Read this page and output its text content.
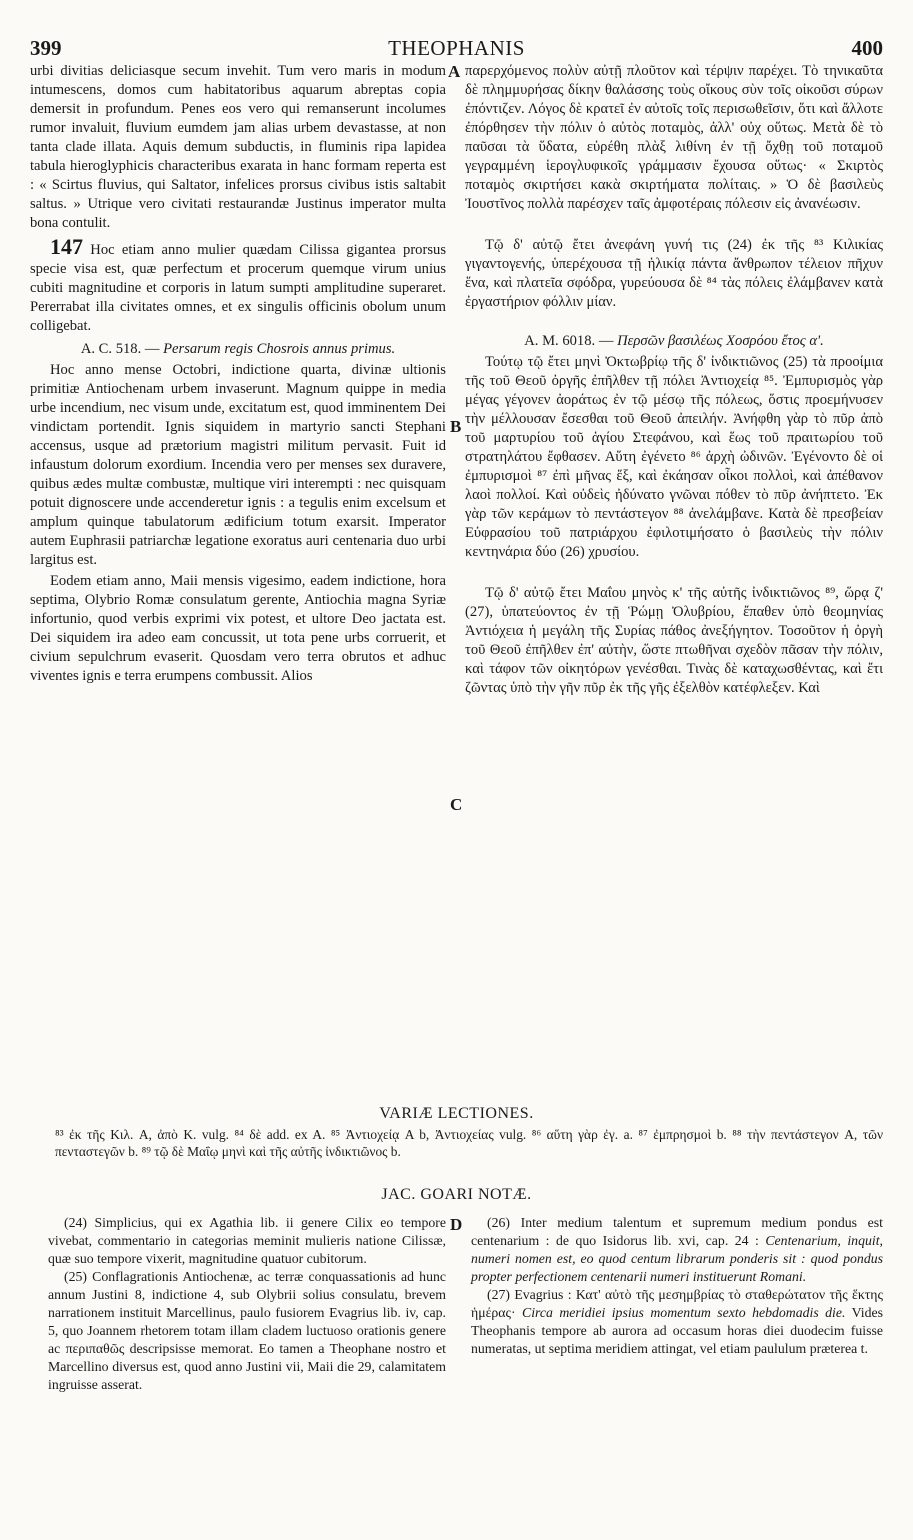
399	THEOPHANIS	400

urbi divitias deliciasque secum invehit. Tum vero maris in modum intumescens, domos cum habitatoribus aquarum abreptas copia demersit in profundum. Penes eos vero qui remanserunt incolumes rumor invaluit, fluvium eumdem jam alias urbem devastasse, at non tanta clade illata. Aquis demum subductis, in fluminis ripa lapidea tabula hieroglyphicis characteribus exarata in hanc formam reperta est : « Scirtus fluvius, qui Saltator, infelices prorsus civibus istis saltabit saltus. » Utrique vero civitati restaurandæ Justinus imperator multa bona contulit.

147 Hoc etiam anno mulier quædam Cilissa gigantea prorsus specie visa est, quæ perfectum et procerum quemque virum unius cubiti magnitudine et corporis in latum sumpti amplitudine superaret. Pererrabat illa civitates omnes, et ex singulis officinis obolum unum colligebat.

A. C. 518. — Persarum regis Chosrois annus primus.

Hoc anno mense Octobri, indictione quarta, divinæ ultionis primitiæ Antiochenam urbem invaserunt. Magnum quippe in media urbe incendium, nec visum unde, excitatum est, quod imminentem Dei vindictam portendit. Ignis siquidem in martyrio sancti Stephani accensus, usque ad prætorium magistri militum pervasit. Fuit id infaustum dolorum exordium. Incendia vero per menses sex duravere, quibus ædes multæ combustæ, multique viri interempti : nec quisquam potuit dignoscere unde accenderetur ignis : a tegulis enim excelsum et amplum quinque tabulatorum ædificium totum exarsit. Imperator autem Euphrasii patriarchæ legatione exoratus auri centenaria duo urbi largitus est.

Eodem etiam anno, Maii mensis vigesimo, eadem indictione, hora septima, Olybrio Romæ consulatum gerente, Antiochia magna Syriæ infortunio, quod verbis exprimi vix potest, et ultore Deo jactata est. Dei siquidem ira adeo eam concussit, ut tota pene urbs corruerit, et civium sepulchrum evaserit. Quosdam vero terra obrutos et adhuc viventes ignis e terra erumpens combussit. Alios

A
B
C
D

παρερχόμενος πολὺν αὐτῇ πλοῦτον καὶ τέρψιν παρέχει. Τὸ τηνικαῦτα δὲ πλημμυρήσας δίκην θαλάσσης τοὺς οἴκους σὺν τοῖς οἰκοῦσι σύρων ἐπόντιζεν. Λόγος δὲ κρατεῖ ἐν αὐτοῖς τοῖς περισωθεῖσιν, ὅτι καὶ ἄλλοτε ἐπόρθησεν τὴν πόλιν ὁ αὐτὸς ποταμὸς, ἀλλ' οὐχ οὕτως. Μετὰ δὲ τὸ παῦσαι τὰ ὕδατα, εὑρέθη πλὰξ λιθίνη ἐν τῇ ὄχθῃ τοῦ ποταμοῦ γεγραμμένη ἱερογλυφικοῖς γράμμασιν ἔχουσα οὕτως· « Σκιρτὸς ποταμὸς σκιρτήσει κακὰ σκιρτήματα πολίταις. » Ὁ δὲ βασιλεὺς Ἰουστῖνος πολλὰ παρέσχεν ταῖς ἀμφοτέραις πόλεσιν εἰς ἀνανέωσιν.

Τῷ δ' αὐτῷ ἔτει ἀνεφάνη γυνή τις (24) ἐκ τῆς ⁸³ Κιλικίας γιγαντογενής, ὑπερέχουσα τῇ ἡλικίᾳ πάντα ἄνθρωπον τέλειον πῆχυν ἕνα, καὶ πλατεῖα σφόδρα, γυρεύουσα δὲ ⁸⁴ τὰς πόλεις ἐλάμβανεν κατὰ ἐργαστήριον φόλλιν μίαν.

A. M. 6018. — Περσῶν βασιλέως Χοσρόου ἔτος α'.

Τούτῳ τῷ ἔτει μηνὶ Ὀκτωβρίῳ τῆς δ' ἰνδικτιῶνος (25) τὰ προοίμια τῆς τοῦ Θεοῦ ὀργῆς ἐπῆλθεν τῇ πόλει Ἀντιοχείᾳ ⁸⁵. Ἐμπυρισμὸς γὰρ μέγας γέγονεν ἀοράτως ἐν τῷ μέσῳ τῆς πόλεως, ὅστις προεμήνυσεν τὴν μέλλουσαν ἔσεσθαι τοῦ Θεοῦ ἀπειλήν. Ἀνήφθη γὰρ τὸ πῦρ ἀπὸ τοῦ μαρτυρίου τοῦ ἁγίου Στεφάνου, καὶ ἕως τοῦ πραιτωρίου τοῦ στρατηλάτου ἔφθασεν. Αὕτη ἐγένετο ⁸⁶ ἀρχὴ ὠδινῶν. Ἐγένοντο δὲ οἱ ἐμπυρισμοὶ ⁸⁷ ἐπὶ μῆνας ἕξ, καὶ ἐκάησαν οἶκοι πολλοὶ, καὶ ἀπέθανον λαοὶ πολλοί. Καὶ οὐδεὶς ἠδύνατο γνῶναι πόθεν τὸ πῦρ ἀνήπτετο. Ἐκ γὰρ τῶν κεράμων τὸ πεντάστεγον ⁸⁸ ἀνελάμβανε. Κατὰ δὲ πρεσβείαν Εὐφρασίου τοῦ πατριάρχου ἐφιλοτιμήσατο ὁ βασιλεὺς τὴν πόλιν κεντηνάρια δύο (26) χρυσίου.

Τῷ δ' αὐτῷ ἔτει Μαΐου μηνὸς κ' τῆς αὐτῆς ἰνδικτιῶνος ⁸⁹, ὥρᾳ ζ' (27), ὑπατεύοντος ἐν τῇ Ῥώμῃ Ὀλυβρίου, ἔπαθεν ὑπὸ θεομηνίας Ἀντιόχεια ἡ μεγάλη τῆς Συρίας πάθος ἀνεξήγητον. Τοσοῦτον ἡ ὀργὴ τοῦ Θεοῦ ἐπῆλθεν ἐπ' αὐτὴν, ὥστε πτωθῆναι σχεδὸν πᾶσαν τὴν πόλιν, καὶ τάφον τῶν οἰκητόρων γενέσθαι. Τινὰς δὲ καταχωσθέντας, καὶ ἔτι ζῶντας ὑπὸ τὴν γῆν πῦρ ἐκ τῆς γῆς ἐξελθὸν κατέφλεξεν. Καὶ

VARIÆ LECTIONES.

⁸³ ἐκ τῆς Κιλ. A, ἀπὸ Κ. vulg. ⁸⁴ δὲ add. ex A. ⁸⁵ Ἀντιοχείᾳ A b, Ἀντιοχείας vulg. ⁸⁶ αὕτη γὰρ ἐγ. a. ⁸⁷ ἐμπρησμοὶ b. ⁸⁸ τὴν πεντάστεγον A, τῶν πενταστεγῶν b. ⁸⁹ τῷ δὲ Μαΐῳ μηνὶ καὶ τῆς αὐτῆς ἰνδικτιῶνος b.

JAC. GOARI NOTÆ.

(24) Simplicius, qui ex Agathia lib. ii genere Cilix eo tempore vivebat, commentario in categorias meminit mulieris natione Cilissæ, quæ suo tempore vixerit, magnitudine quatuor cubitorum.

(25) Conflagrationis Antiochenæ, ac terræ conquassationis ad hunc annum Justini 8, indictione 4, sub Olybrii solius consulatu, brevem narrationem instituit Marcellinus, paulo fusiorem Evagrius lib. iv, cap. 5, quo Joannem rhetorem totam illam cladem luctuoso orationis genere ac περιπαθῶς descripsisse memorat. Eo tamen a Theophane nostro et Marcellino diversus est, quod anno Justini vii, Maii die 29, calamitatem ingruisse asserat.

(26) Inter medium talentum et supremum medium pondus est centenarium : de quo Isidorus lib. xvi, cap. 24 : Centenarium, inquit, numeri nomen est, eo quod centum librarum ponderis sit : quod pondus propter perfectionem centenarii numeri instituerunt Romani.

(27) Evagrius : Κατ' αὐτὸ τῆς μεσημβρίας τὸ σταθερώτατον τῆς ἕκτης ἡμέρας· Circa meridiei ipsius momentum sexto hebdomadis die. Vides Theophanis tempore ab aurora ad occasum horas diei duodecim fuisse numeratas, ut septima meridiem attingat, vel etiam paululum præterea t.
